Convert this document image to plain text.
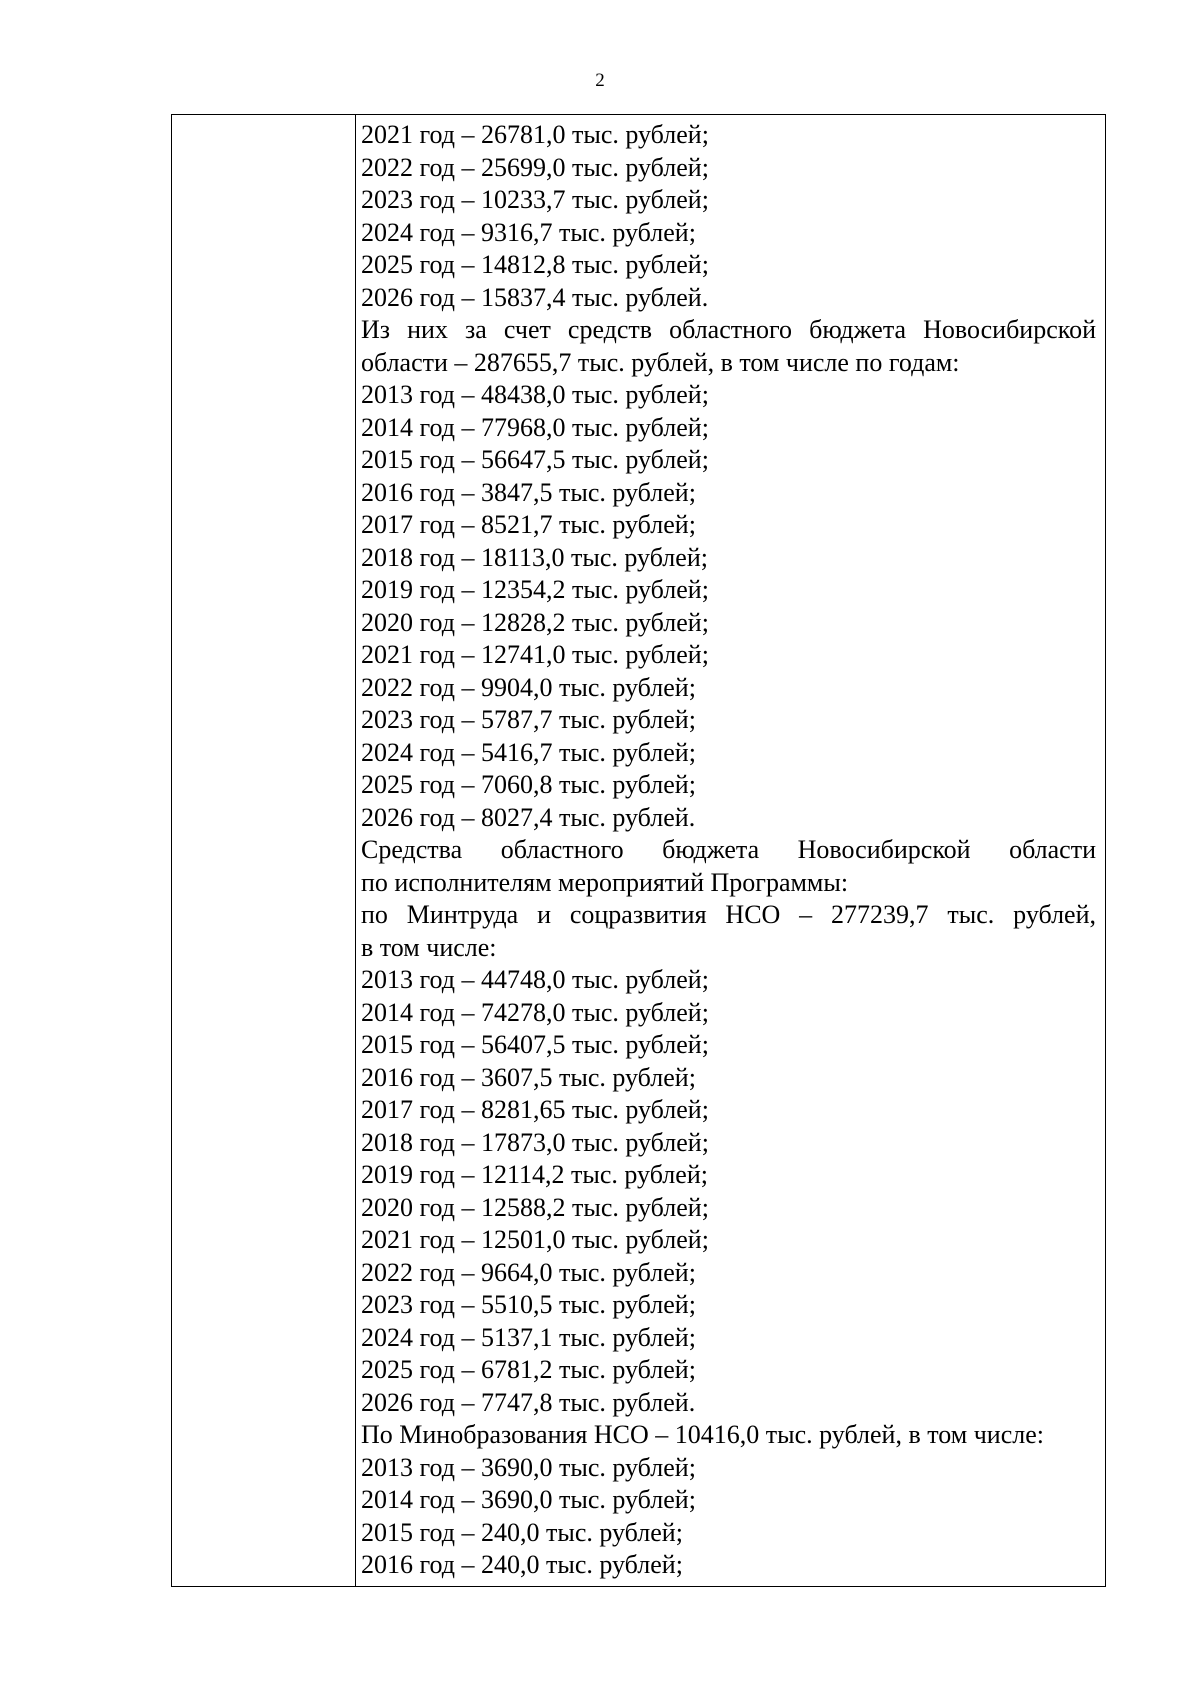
2
2021 год – 26781,0 тыс. рублей;
2022 год – 25699,0 тыс. рублей;
2023 год – 10233,7 тыс. рублей;
2024 год – 9316,7 тыс. рублей;
2025 год – 14812,8 тыс. рублей;
2026 год – 15837,4 тыс. рублей.
Из них за счет средств областного бюджета Новосибирской
области – 287655,7 тыс. рублей, в том числе по годам:
2013 год – 48438,0 тыс. рублей;
2014 год – 77968,0 тыс. рублей;
2015 год – 56647,5 тыс. рублей;
2016 год – 3847,5 тыс. рублей;
2017 год – 8521,7 тыс. рублей;
2018 год – 18113,0 тыс. рублей;
2019 год – 12354,2 тыс. рублей;
2020 год – 12828,2 тыс. рублей;
2021 год – 12741,0 тыс. рублей;
2022 год – 9904,0 тыс. рублей;
2023 год – 5787,7 тыс. рублей;
2024 год – 5416,7 тыс. рублей;
2025 год – 7060,8 тыс. рублей;
2026 год – 8027,4 тыс. рублей.
Средства областного бюджета Новосибирской области
по исполнителям мероприятий Программы:
по Минтруда и соцразвития НСО – 277239,7 тыс. рублей,
в том числе:
2013 год – 44748,0 тыс. рублей;
2014 год – 74278,0 тыс. рублей;
2015 год – 56407,5 тыс. рублей;
2016 год – 3607,5 тыс. рублей;
2017 год – 8281,65 тыс. рублей;
2018 год – 17873,0 тыс. рублей;
2019 год – 12114,2 тыс. рублей;
2020 год – 12588,2 тыс. рублей;
2021 год – 12501,0 тыс. рублей;
2022 год – 9664,0 тыс. рублей;
2023 год – 5510,5 тыс. рублей;
2024 год – 5137,1 тыс. рублей;
2025 год – 6781,2 тыс. рублей;
2026 год – 7747,8 тыс. рублей.
По Минобразования НСО – 10416,0 тыс. рублей, в том числе:
2013 год – 3690,0 тыс. рублей;
2014 год – 3690,0 тыс. рублей;
2015 год – 240,0 тыс. рублей;
2016 год – 240,0 тыс. рублей;
